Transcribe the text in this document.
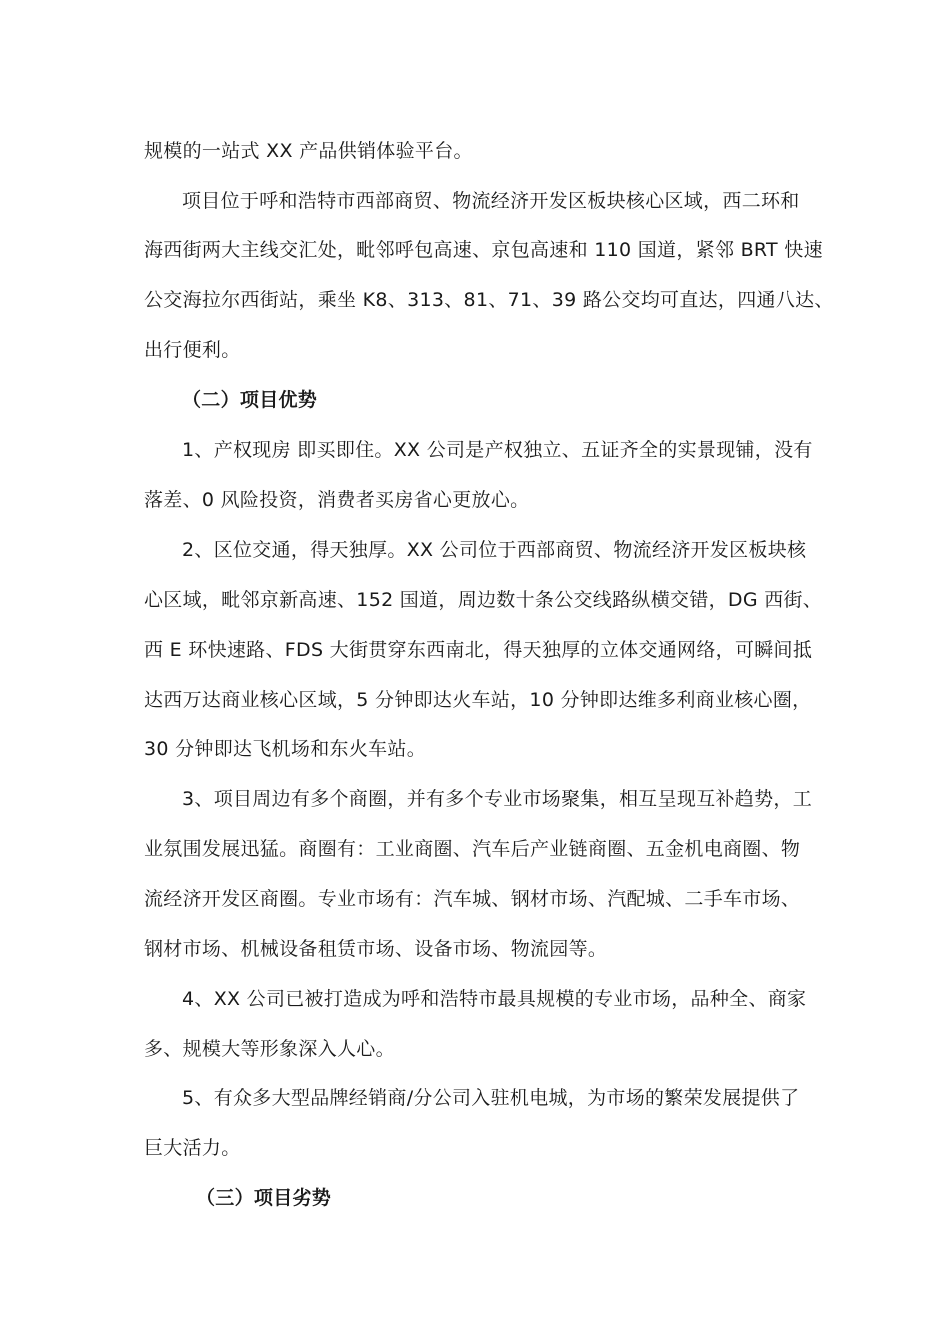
规模的一站式 XX 产品供销体验平台。
项目位于呼和浩特市西部商贸、物流经济开发区板块核心区域，西二环和
海西街两大主线交汇处，毗邻呼包高速、京包高速和 110 国道，紧邻 BRT 快速
公交海拉尔西街站，乘坐 K8、313、81、71、39 路公交均可直达，四通八达、
出行便利。
（二）项目优势
1、产权现房 即买即住。XX 公司是产权独立、五证齐全的实景现铺，没有
落差、0 风险投资，消费者买房省心更放心。
2、区位交通，得天独厚。XX 公司位于西部商贸、物流经济开发区板块核
心区域，毗邻京新高速、152 国道，周边数十条公交线路纵横交错，DG 西街、
西 E 环快速路、FDS 大街贯穿东西南北，得天独厚的立体交通网络，可瞬间抵
达西万达商业核心区域，5 分钟即达火车站，10 分钟即达维多利商业核心圈，
30 分钟即达飞机场和东火车站。
3、项目周边有多个商圈，并有多个专业市场聚集，相互呈现互补趋势，工
业氛围发展迅猛。商圈有：工业商圈、汽车后产业链商圈、五金机电商圈、物
流经济开发区商圈。专业市场有：汽车城、钢材市场、汽配城、二手车市场、
钢材市场、机械设备租赁市场、设备市场、物流园等。
4、XX 公司已被打造成为呼和浩特市最具规模的专业市场，品种全、商家
多、规模大等形象深入人心。
5、有众多大型品牌经销商/分公司入驻机电城，为市场的繁荣发展提供了
巨大活力。
（三）项目劣势
